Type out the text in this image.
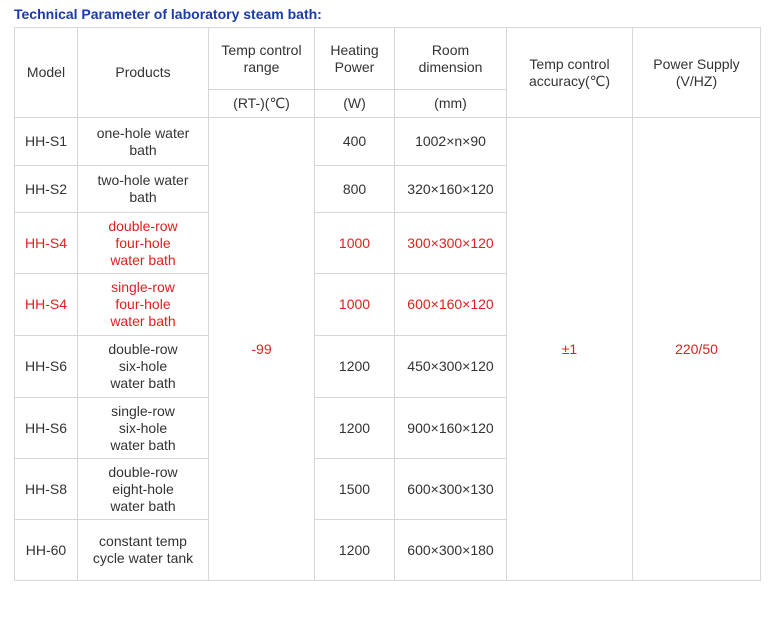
Technical Parameter of laboratory steam bath:
Model	Products	Temp control range	Heating Power	Room dimension	Temp control accuracy(℃)	Power Supply (V/HZ)
		(RT-)(℃)	(W)	(mm)		
HH-S1	one-hole water bath	-99	400	1002×n×90	±1	220/50
HH-S2	two-hole water bath		800	320×160×120		
HH-S4	double-row
four-hole
water bath		1000	300×300×120		
HH-S4	single-row
four-hole
water bath		1000	600×160×120		
HH-S6	double-row
six-hole
water bath		1200	450×300×120		
HH-S6	single-row
six-hole
water bath		1200	900×160×120		
HH-S8	double-row
eight-hole
water bath		1500	600×300×130		
HH-60	constant temp
cycle water tank		1200	600×300×180		
